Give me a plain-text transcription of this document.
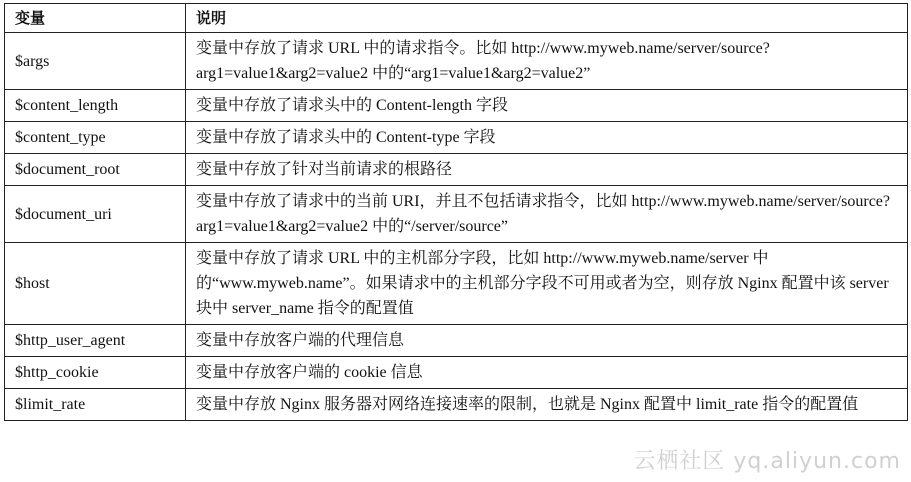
变量	说明
$args	变量中存放了请求 URL 中的请求指令。比如 http://www.myweb.name/server/source?arg1=value1&arg2=value2 中的“arg1=value1&arg2=value2”
$content_length	变量中存放了请求头中的 Content-length 字段
$content_type	变量中存放了请求头中的 Content-type 字段
$document_root	变量中存放了针对当前请求的根路径
$document_uri	变量中存放了请求中的当前 URI，并且不包括请求指令，比如 http://www.myweb.name/server/source?arg1=value1&arg2=value2 中的“/server/source”
$host	变量中存放了请求 URL 中的主机部分字段，比如 http://www.myweb.name/server 中的“www.myweb.name”。如果请求中的主机部分字段不可用或者为空，则存放 Nginx 配置中该 server 块中 server_name 指令的配置值
$http_user_agent	变量中存放客户端的代理信息
$http_cookie	变量中存放客户端的 cookie 信息
$limit_rate	变量中存放 Nginx 服务器对网络连接速率的限制，也就是 Nginx 配置中 limit_rate 指令的配置值
云栖社区 yq.aliyun.com
